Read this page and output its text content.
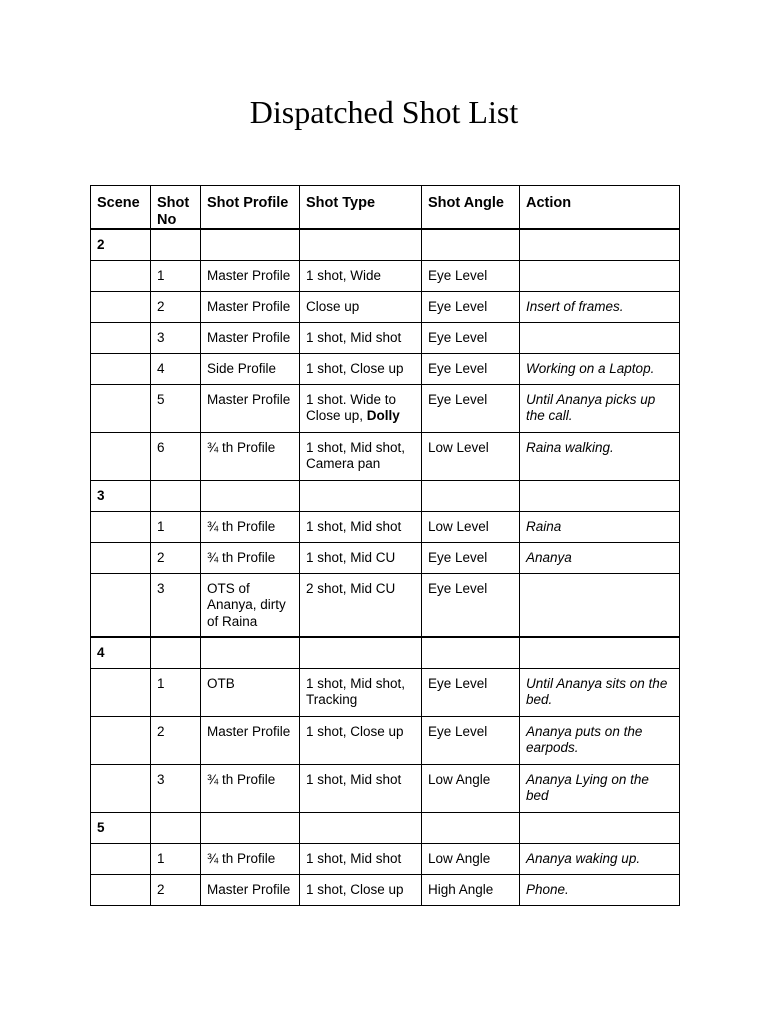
Dispatched Shot List
Scene	Shot No	Shot Profile	Shot Type	Shot Angle	Action
2					
	1	Master Profile	1 shot, Wide	Eye Level	
	2	Master Profile	Close up	Eye Level	Insert of frames.
	3	Master Profile	1 shot, Mid shot	Eye Level	
	4	Side Profile	1 shot, Close up	Eye Level	Working on a Laptop.
	5	Master Profile	1 shot. Wide to Close up, Dolly	Eye Level	Until Ananya picks up the call.
	6	¾ th Profile	1 shot, Mid shot, Camera pan	Low Level	Raina walking.
3					
	1	¾ th Profile	1 shot, Mid shot	Low Level	Raina
	2	¾ th Profile	1 shot, Mid CU	Eye Level	Ananya
	3	OTS of Ananya, dirty of Raina	2 shot, Mid CU	Eye Level	
4					
	1	OTB	1 shot, Mid shot, Tracking	Eye Level	Until Ananya sits on the bed.
	2	Master Profile	1 shot, Close up	Eye Level	Ananya puts on the earpods.
	3	¾ th Profile	1 shot, Mid shot	Low Angle	Ananya Lying on the bed
5					
	1	¾ th Profile	1 shot, Mid shot	Low Angle	Ananya waking up.
	2	Master Profile	1 shot, Close up	High Angle	Phone.
